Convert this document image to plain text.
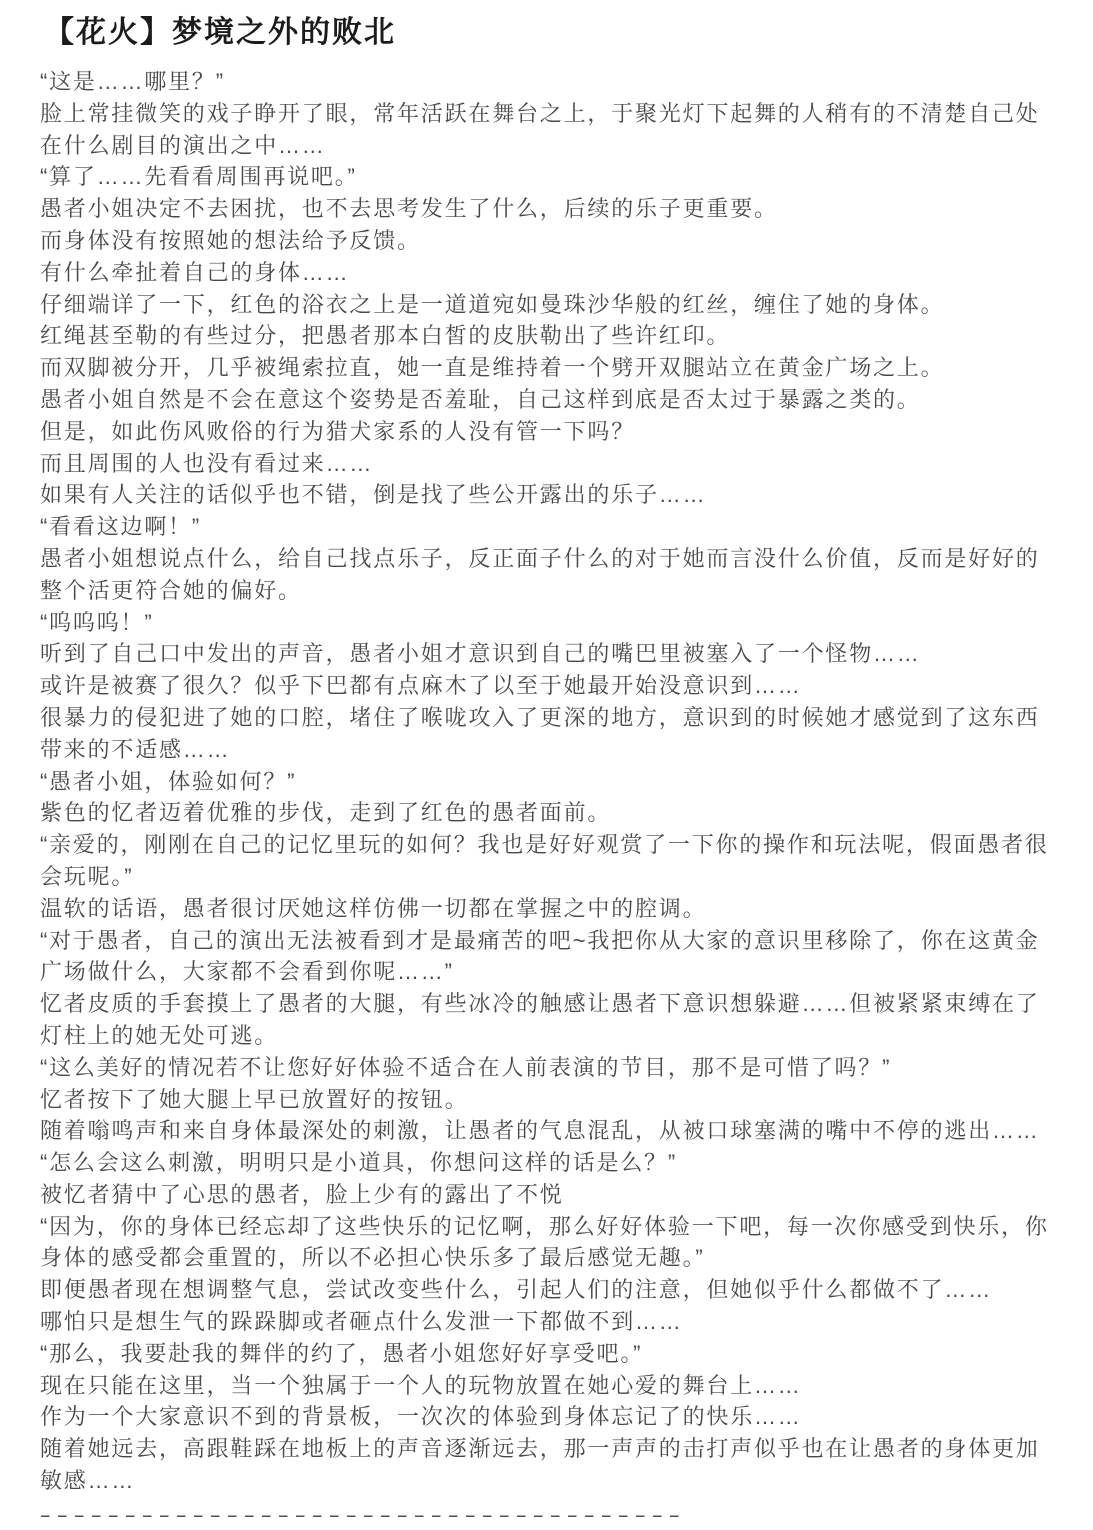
【花火】梦境之外的败北
“这是……哪里？”
脸上常挂微笑的戏子睁开了眼，常年活跃在舞台之上，于聚光灯下起舞的人稍有的不清楚自己处在什么剧目的演出之中……
“算了……先看看周围再说吧。”
愚者小姐决定不去困扰，也不去思考发生了什么，后续的乐子更重要。
而身体没有按照她的想法给予反馈。
有什么牵扯着自己的身体……
仔细端详了一下，红色的浴衣之上是一道道宛如曼珠沙华般的红丝，缠住了她的身体。
红绳甚至勒的有些过分，把愚者那本白皙的皮肤勒出了些许红印。
而双脚被分开，几乎被绳索拉直，她一直是维持着一个劈开双腿站立在黄金广场之上。
愚者小姐自然是不会在意这个姿势是否羞耻，自己这样到底是否太过于暴露之类的。
但是，如此伤风败俗的行为猎犬家系的人没有管一下吗？
而且周围的人也没有看过来……
如果有人关注的话似乎也不错，倒是找了些公开露出的乐子……
“看看这边啊！”
愚者小姐想说点什么，给自己找点乐子，反正面子什么的对于她而言没什么价值，反而是好好的整个活更符合她的偏好。
“呜呜呜！”
听到了自己口中发出的声音，愚者小姐才意识到自己的嘴巴里被塞入了一个怪物……
或许是被赛了很久？似乎下巴都有点麻木了以至于她最开始没意识到……
很暴力的侵犯进了她的口腔，堵住了喉咙攻入了更深的地方，意识到的时候她才感觉到了这东西带来的不适感……
“愚者小姐，体验如何？”
紫色的忆者迈着优雅的步伐，走到了红色的愚者面前。
“亲爱的，刚刚在自己的记忆里玩的如何？我也是好好观赏了一下你的操作和玩法呢，假面愚者很会玩呢。”
温软的话语，愚者很讨厌她这样仿佛一切都在掌握之中的腔调。
“对于愚者，自己的演出无法被看到才是最痛苦的吧~我把你从大家的意识里移除了，你在这黄金广场做什么，大家都不会看到你呢……”
忆者皮质的手套摸上了愚者的大腿，有些冰冷的触感让愚者下意识想躲避……但被紧紧束缚在了灯柱上的她无处可逃。
“这么美好的情况若不让您好好体验不适合在人前表演的节目，那不是可惜了吗？”
忆者按下了她大腿上早已放置好的按钮。
随着嗡鸣声和来自身体最深处的刺激，让愚者的气息混乱，从被口球塞满的嘴中不停的逃出……
“怎么会这么刺激，明明只是小道具，你想问这样的话是么？”
被忆者猜中了心思的愚者，脸上少有的露出了不悦
“因为，你的身体已经忘却了这些快乐的记忆啊，那么好好体验一下吧，每一次你感受到快乐，你身体的感受都会重置的，所以不必担心快乐多了最后感觉无趣。”
即便愚者现在想调整气息，尝试改变些什么，引起人们的注意，但她似乎什么都做不了……
哪怕只是想生气的跺跺脚或者砸点什么发泄一下都做不到……
“那么，我要赴我的舞伴的约了，愚者小姐您好好享受吧。”
现在只能在这里，当一个独属于一个人的玩物放置在她心爱的舞台上……
作为一个大家意识不到的背景板，一次次的体验到身体忘记了的快乐……
随着她远去，高跟鞋踩在地板上的声音逐渐远去，那一声声的击打声似乎也在让愚者的身体更加敏感……
––––––––––––––––––––––––––––––––––––––
